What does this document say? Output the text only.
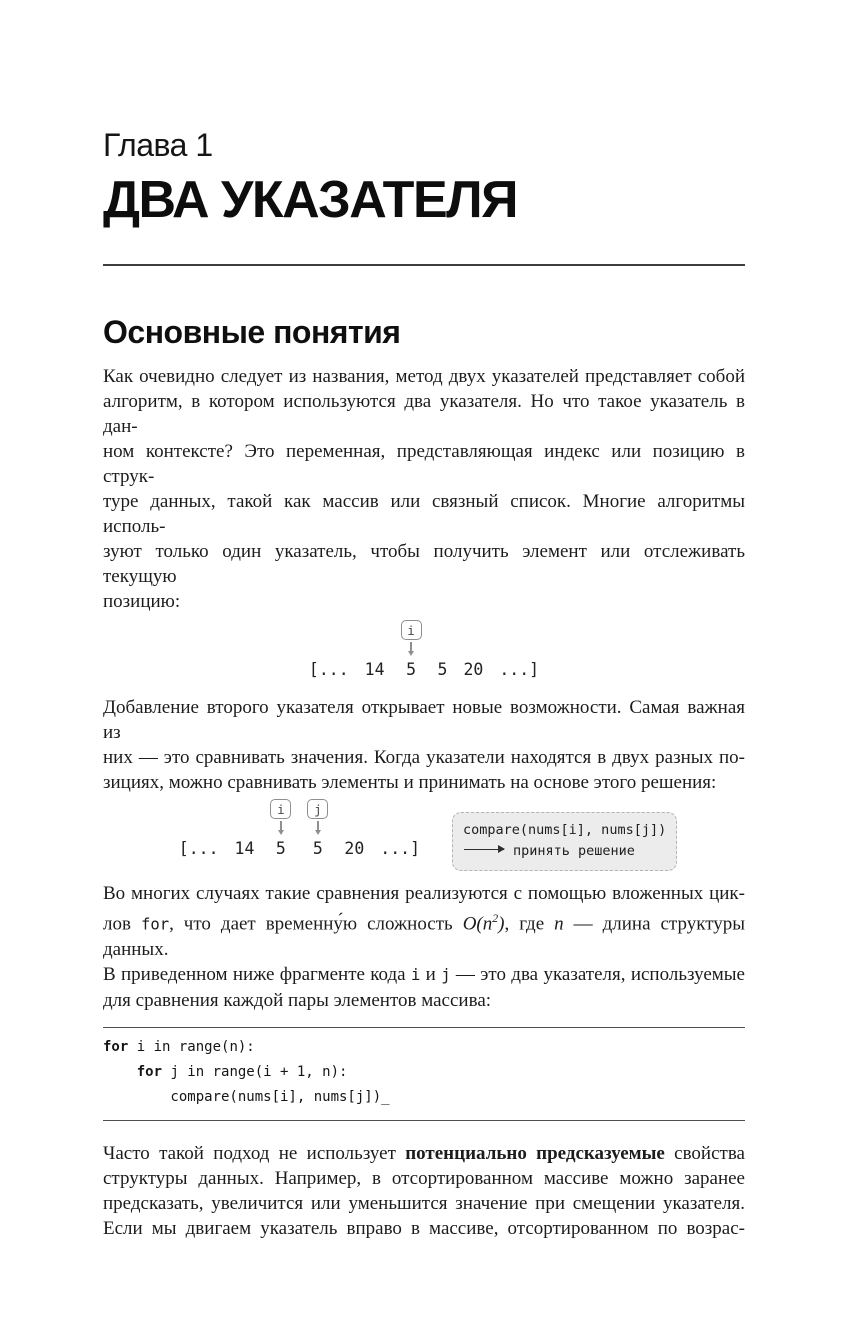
Глава 1
ДВА УКАЗАТЕЛЯ
Основные понятия
Как очевидно следует из названия, метод двух указателей представляет собой
алгоритм, в котором используются два указателя. Но что такое указатель в дан-
ном контексте? Это переменная, представляющая индекс или позицию в струк-
туре данных, такой как массив или связный список. Многие алгоритмы исполь-
зуют только один указатель, чтобы получить элемент или отслеживать текущую
позицию:
[... 14
i
5 5 20 ...]
Добавление второго указателя открывает новые возможности. Самая важная из
них — это сравнивать значения. Когда указатели находятся в двух разных по-
зициях, можно сравнивать элементы и принимать на основе этого решения:
[... 14
i
5
j
5 20 ...]
compare(nums[i], nums[j])
принять решение
Во многих случаях такие сравнения реализуются с помощью вложенных цик-
лов for, что дает временну́ю сложность $O(n^2)$, где n — длина структуры данных.
В приведенном ниже фрагменте кода i и j — это два указателя, используемые
для сравнения каждой пары элементов массива:
for i in range(n):
for j in range(i + 1, n):
compare(nums[i], nums[j])_
Часто такой подход не использует потенциально предсказуемые свойства
структуры данных. Например, в отсортированном массиве можно заранее
предсказать, увеличится или уменьшится значение при смещении указателя.
Если мы двигаем указатель вправо в массиве, отсортированном по возрас-
